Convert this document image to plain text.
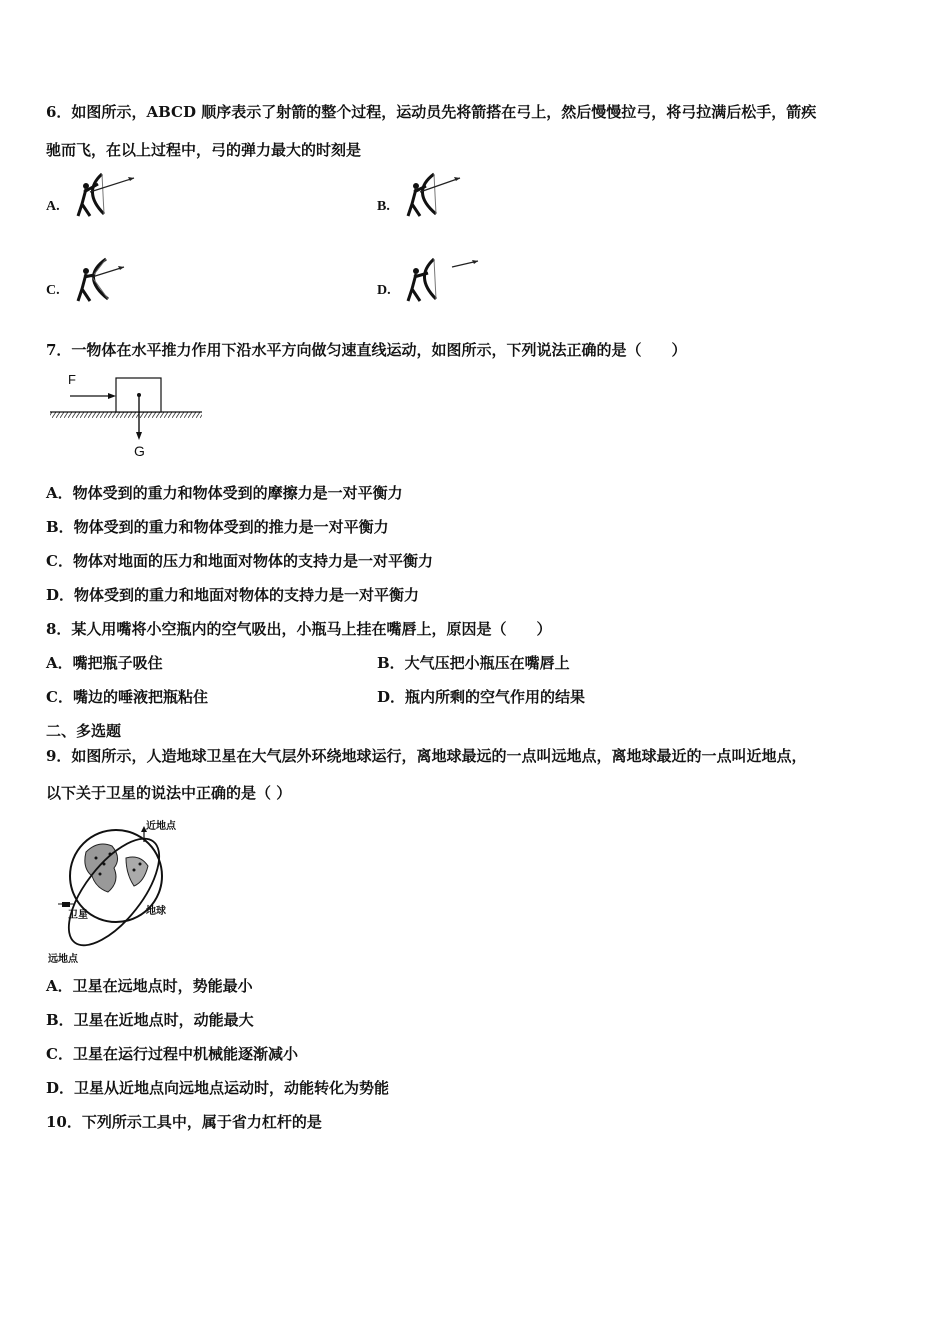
6．如图所示，ABCD 顺序表示了射箭的整个过程，运动员先将箭搭在弓上，然后慢慢拉弓，将弓拉满后松手，箭疾
驰而飞，在以上过程中，弓的弹力最大的时刻是
A.	B.
C.	D.
7．一物体在水平推力作用下沿水平方向做匀速直线运动，如图所示，下列说法正确的是（　　）
F
G
A．物体受到的重力和物体受到的摩擦力是一对平衡力
B．物体受到的重力和物体受到的推力是一对平衡力
C．物体对地面的压力和地面对物体的支持力是一对平衡力
D．物体受到的重力和地面对物体的支持力是一对平衡力
8．某人用嘴将小空瓶内的空气吸出，小瓶马上挂在嘴唇上，原因是（　　）
A．嘴把瓶子吸住	B．大气压把小瓶压在嘴唇上
C．嘴边的唾液把瓶粘住	D．瓶内所剩的空气作用的结果
二、多选题
9．如图所示，人造地球卫星在大气层外环绕地球运行，离地球最远的一点叫远地点，离地球最近的一点叫近地点，
以下关于卫星的说法中正确的是（ ）
近地点
地球
卫星
远地点
A．卫星在远地点时，势能最小
B．卫星在近地点时，动能最大
C．卫星在运行过程中机械能逐渐减小
D．卫星从近地点向远地点运动时，动能转化为势能
10．下列所示工具中，属于省力杠杆的是
